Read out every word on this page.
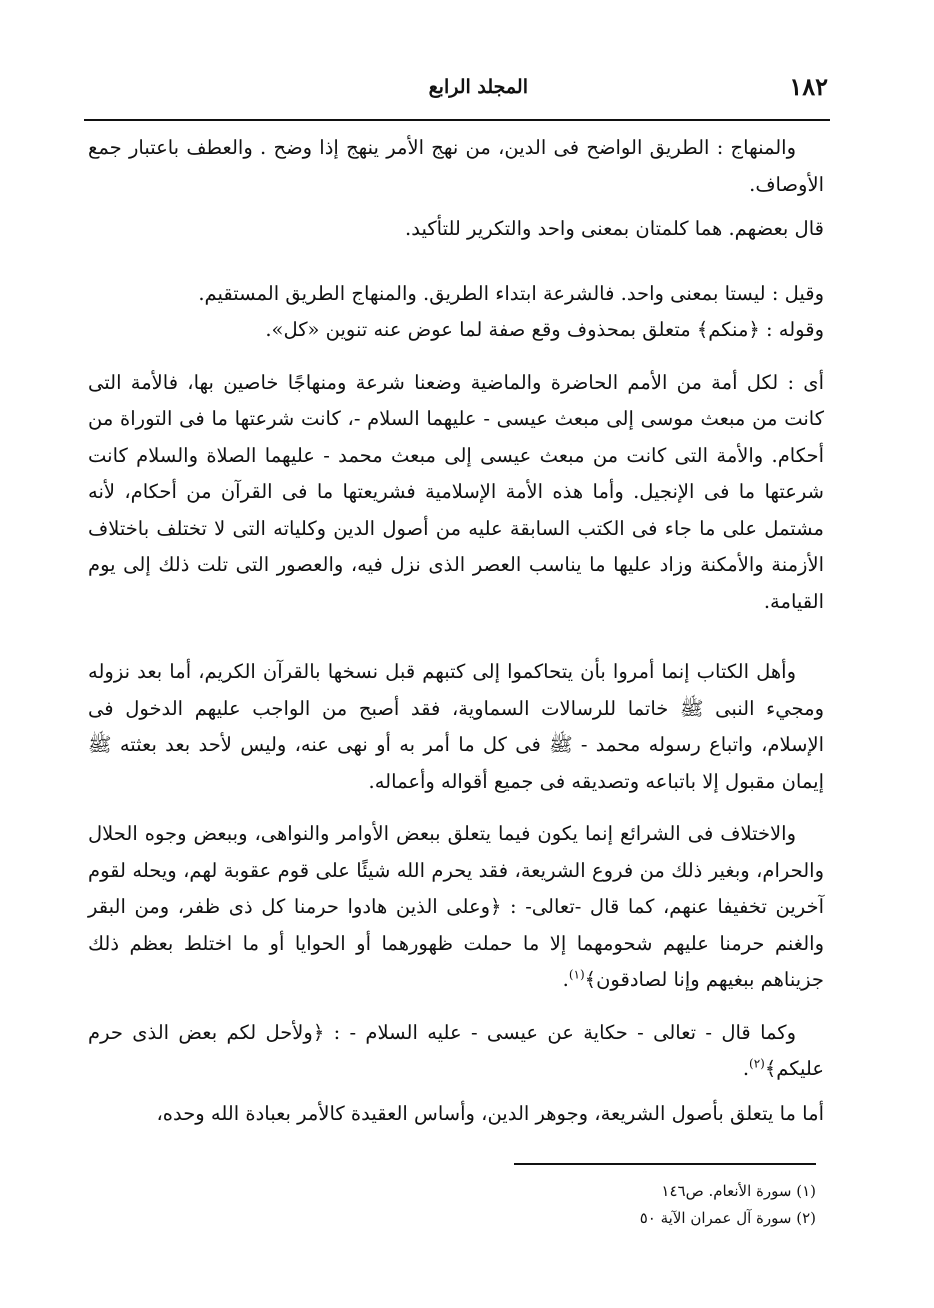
١٨٢
المجلد الرابع

والمنهاج : الطريق الواضح فى الدين، من نهج الأمر ينهج إذا وضح . والعطف باعتبار جمع الأوصاف.

قال بعضهم. هما كلمتان بمعنى واحد والتكرير للتأكيد.

وقيل : ليستا بمعنى واحد. فالشرعة ابتداء الطريق. والمنهاج الطريق المستقيم.

وقوله : ﴿منكم﴾ متعلق بمحذوف وقع صفة لما عوض عنه تنوين «كل».

أى : لكل أمة من الأمم الحاضرة والماضية وضعنا شرعة ومنهاجًا خاصين بها، فالأمة التى كانت من مبعث موسى إلى مبعث عيسى - عليهما السلام -، كانت شرعتها ما فى التوراة من أحكام. والأمة التى كانت من مبعث عيسى إلى مبعث محمد - عليهما الصلاة والسلام كانت شرعتها ما فى الإنجيل. وأما هذه الأمة الإسلامية فشريعتها ما فى القرآن من أحكام، لأنه مشتمل على ما جاء فى الكتب السابقة عليه من أصول الدين وكلياته التى لا تختلف باختلاف الأزمنة والأمكنة وزاد عليها ما يناسب العصر الذى نزل فيه، والعصور التى تلت ذلك إلى يوم القيامة.

وأهل الكتاب إنما أمروا بأن يتحاكموا إلى كتبهم قبل نسخها بالقرآن الكريم، أما بعد نزوله ومجيء النبى ﷺ خاتما للرسالات السماوية، فقد أصبح من الواجب عليهم الدخول فى الإسلام، واتباع رسوله محمد - ﷺ فى كل ما أمر به أو نهى عنه، وليس لأحد بعد بعثته ﷺ إيمان مقبول إلا باتباعه وتصديقه فى جميع أقواله وأعماله.

والاختلاف فى الشرائع إنما يكون فيما يتعلق ببعض الأوامر والنواهى، وببعض وجوه الحلال والحرام، وبغير ذلك من فروع الشريعة، فقد يحرم الله شيئًا على قوم عقوبة لهم، ويحله لقوم آخرين تخفيفا عنهم، كما قال -تعالى- : ﴿وعلى الذين هادوا حرمنا كل ذى ظفر، ومن البقر والغنم حرمنا عليهم شحومهما إلا ما حملت ظهورهما أو الحوايا أو ما اختلط بعظم ذلك جزيناهم ببغيهم وإنا لصادقون﴾$^{(١)}$.

وكما قال - تعالى - حكاية عن عيسى - عليه السلام - : ﴿ولأحل لكم بعض الذى حرم عليكم﴾$^{(٢)}$.

أما ما يتعلق بأصول الشريعة، وجوهر الدين، وأساس العقيدة كالأمر بعبادة الله وحده،

(١) سورة الأنعام. ص١٤٦
(٢) سورة آل عمران الآية ٥٠
